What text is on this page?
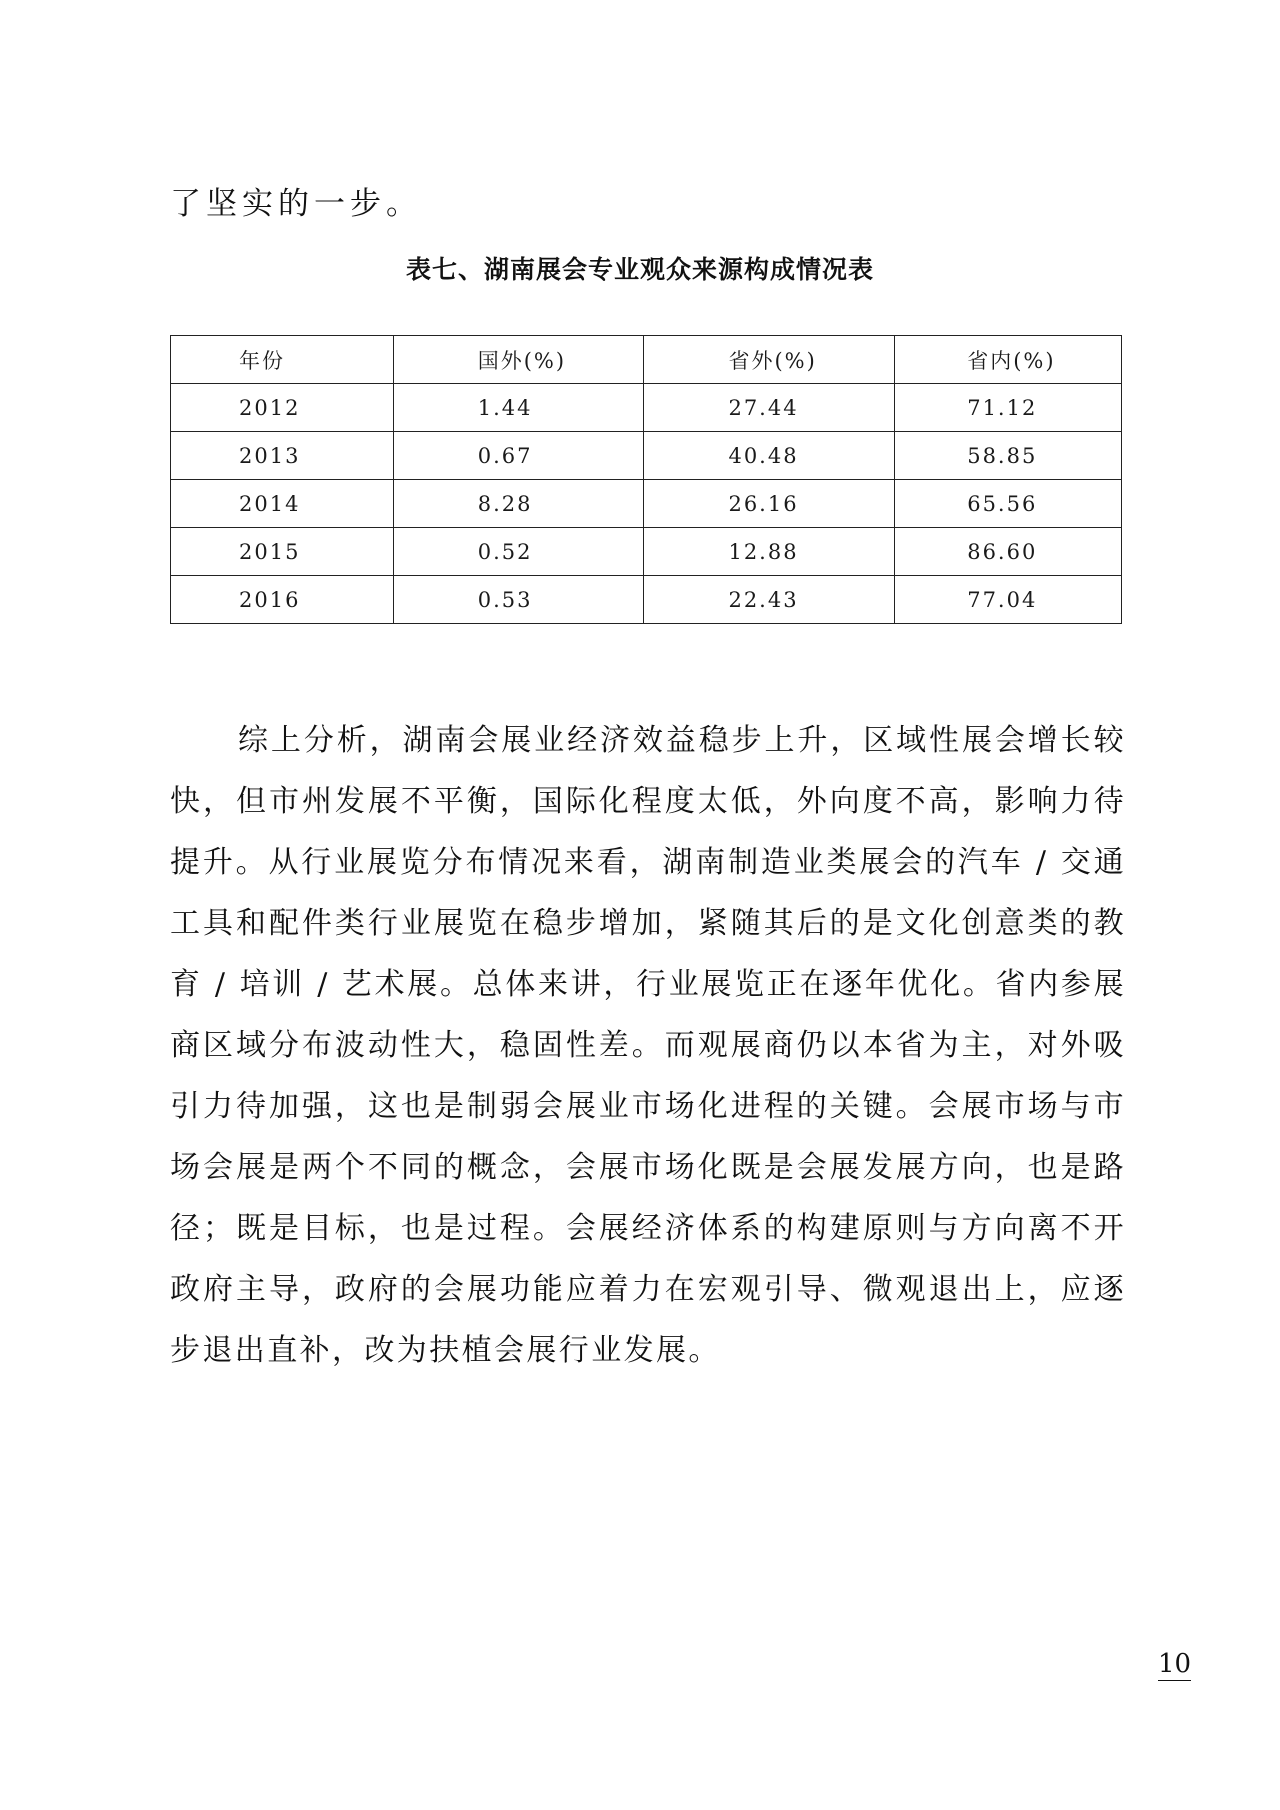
了坚实的一步。
表七、湖南展会专业观众来源构成情况表
年份	国外(%)	省外(%)	省内(%)
2012	1.44	27.44	71.12
2013	0.67	40.48	58.85
2014	8.28	26.16	65.56
2015	0.52	12.88	86.60
2016	0.53	22.43	77.04

综上分析，湖南会展业经济效益稳步上升，区域性展会增长较快，但市州发展不平衡，国际化程度太低，外向度不高，影响力待提升。从行业展览分布情况来看，湖南制造业类展会的汽车 / 交通工具和配件类行业展览在稳步增加，紧随其后的是文化创意类的教育 / 培训 / 艺术展。总体来讲，行业展览正在逐年优化。省内参展商区域分布波动性大，稳固性差。而观展商仍以本省为主，对外吸引力待加强，这也是制弱会展业市场化进程的关键。会展市场与市场会展是两个不同的概念，会展市场化既是会展发展方向，也是路径；既是目标，也是过程。会展经济体系的构建原则与方向离不开政府主导，政府的会展功能应着力在宏观引导、微观退出上，应逐步退出直补，改为扶植会展行业发展。

10
